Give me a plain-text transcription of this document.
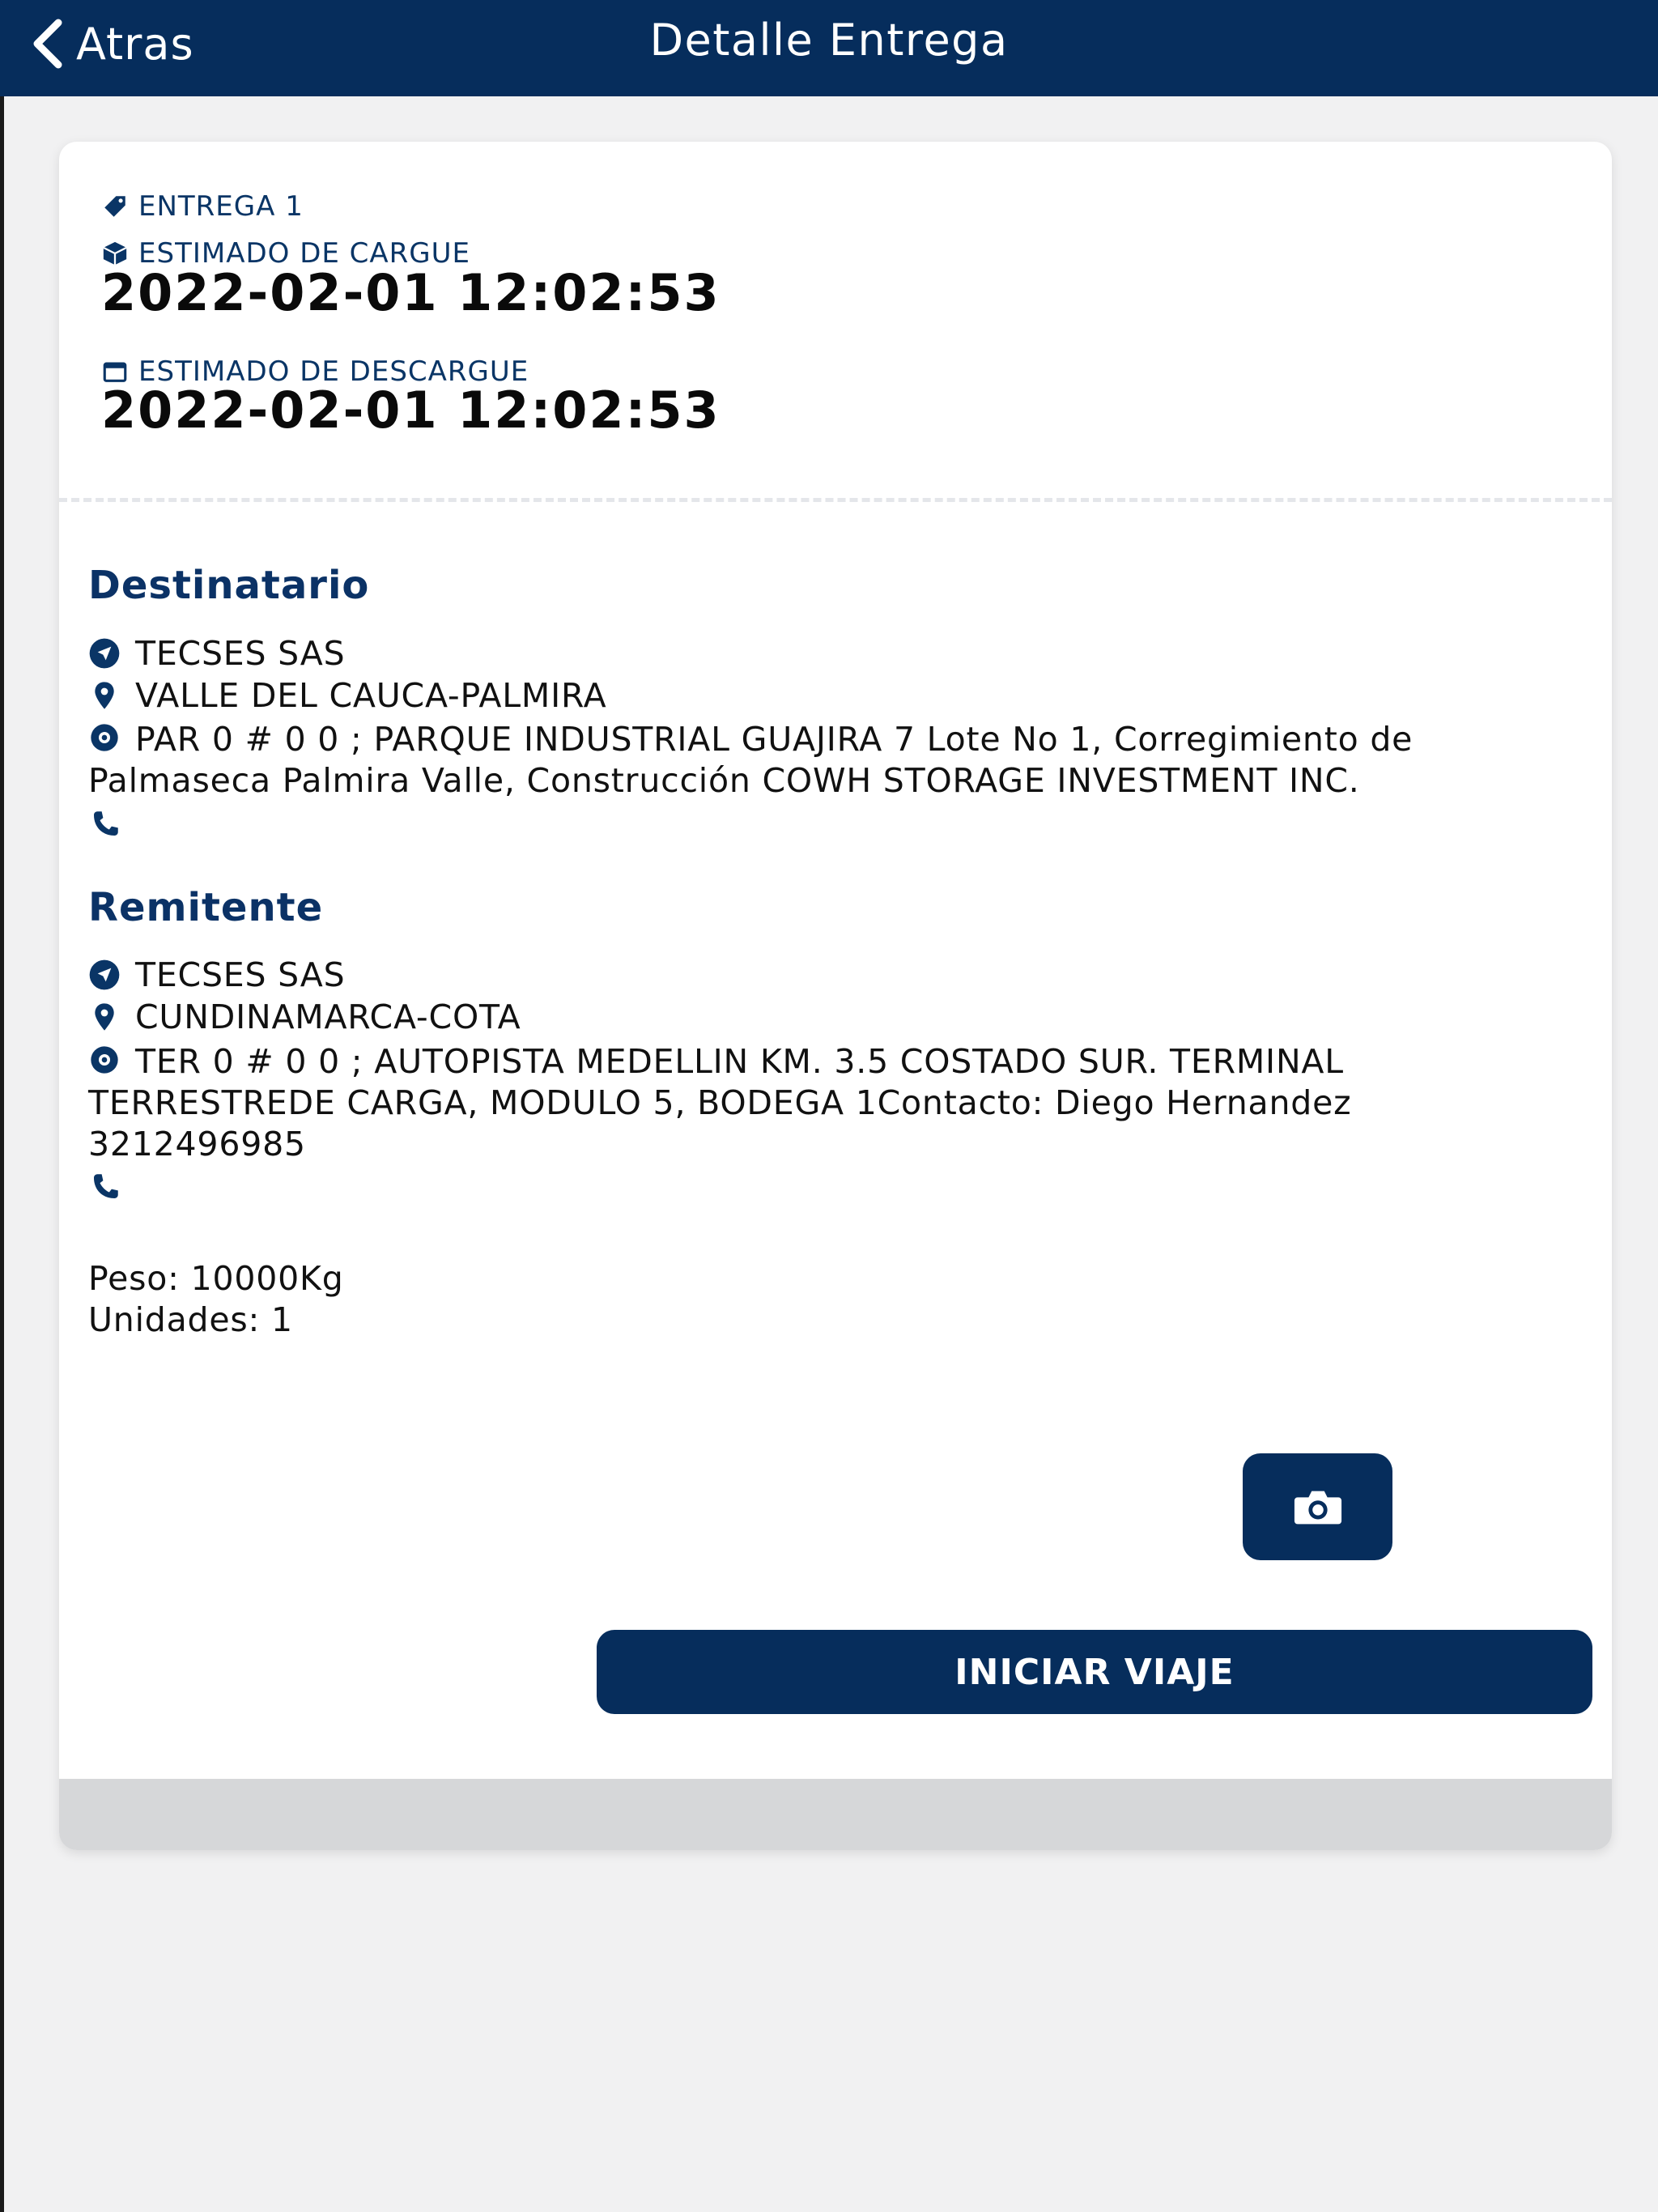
Atras	Detalle Entrega
ENTREGA 1
ESTIMADO DE CARGUE
2022-02-01 12:02:53
ESTIMADO DE DESCARGUE
2022-02-01 12:02:53
Destinatario
TECSES SAS
VALLE DEL CAUCA-PALMIRA
PAR 0 # 0 0 ; PARQUE INDUSTRIAL GUAJIRA 7 Lote No 1, Corregimiento de Palmaseca Palmira Valle, Construcción COWH STORAGE INVESTMENT INC.
Remitente
TECSES SAS
CUNDINAMARCA-COTA
TER 0 # 0 0 ; AUTOPISTA MEDELLIN KM. 3.5 COSTADO SUR. TERMINAL TERRESTREDE CARGA, MODULO 5, BODEGA 1Contacto: Diego Hernandez 3212496985
Peso: 10000Kg
Unidades: 1
INICIAR VIAJE
